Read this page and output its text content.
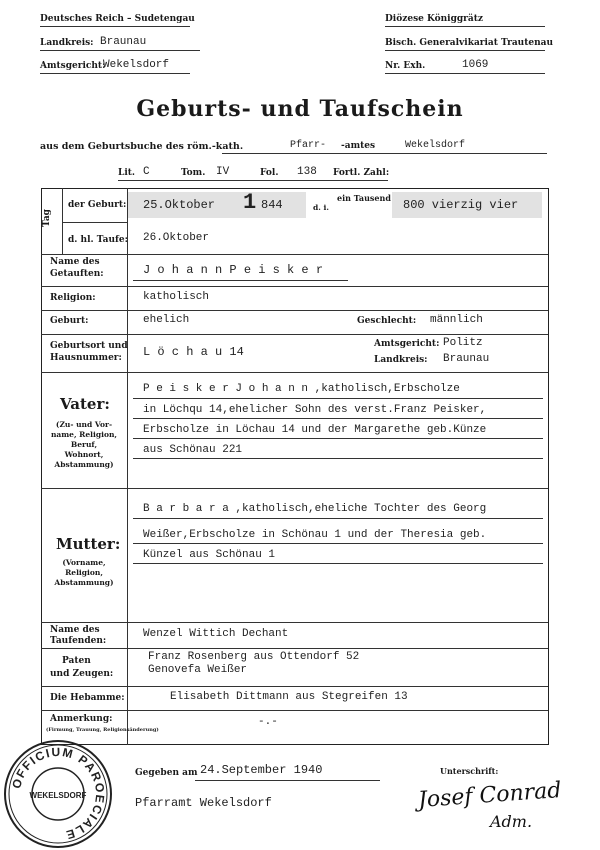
Deutsches Reich – Sudetengau
Landkreis: Braunau
Amtsgericht:
Wekelsdorf
Diözese Königgrätz
Bisch. Generalvikariat Trautenau
Nr. Exh.	1069
Geburts- und Taufschein
aus dem Geburtsbuche des röm.-kath.	Pfarr- -amtes	Wekelsdorf
Lit. C	Tom. IV	Fol. 138 Fortl. Zahl:
Tag
der Geburt: 25.Oktober 1 844	d. i.
ein Tausend 800 vierzig vier
d. hl. Taufe: 26.Oktober
Name des
Getauften:	J o h a n n P e i s k e r
Religion:	katholisch
Geburt:	ehelich	Geschlecht: männlich
Geburtsort und
Hausnummer: L ö c h a u 14
Amtsgericht: Politz
Landkreis: Braunau
Vater:
(Zu- und Vor-
name, Religion,
Beruf,
Wohnort,
Abstammung)
P e i s k e r J o h a n n ,katholisch,Erbscholze
in Löchqu 14,ehelicher Sohn des verst.Franz Peisker,
Erbscholze in Löchau 14 und der Margarethe geb.Künze
aus Schönau 221
Mutter:
(Vorname,
Religion,
Abstammung)
B a r b a r a ,katholisch,eheliche Tochter des Georg
Weißer,Erbscholze in Schönau 1 und der Theresia geb.
Künzel aus Schönau 1
Name des
Taufenden:
Wenzel Wittich Dechant
Paten
und Zeugen:
Franz Rosenberg aus Ottendorf 52
Genovefa Weißer
Die Hebamme:	Elisabeth Dittmann aus Stegreifen 13
Anmerkung:
(Firmung, Trauung, Religionsänderung)
-.-
Gegeben am 24.September 1940
Pfarramt Wekelsdorf
Unterschrift:
Josef Conrad
Adm.
OFFICIUM PAROECIALE
WEKELSDORF
